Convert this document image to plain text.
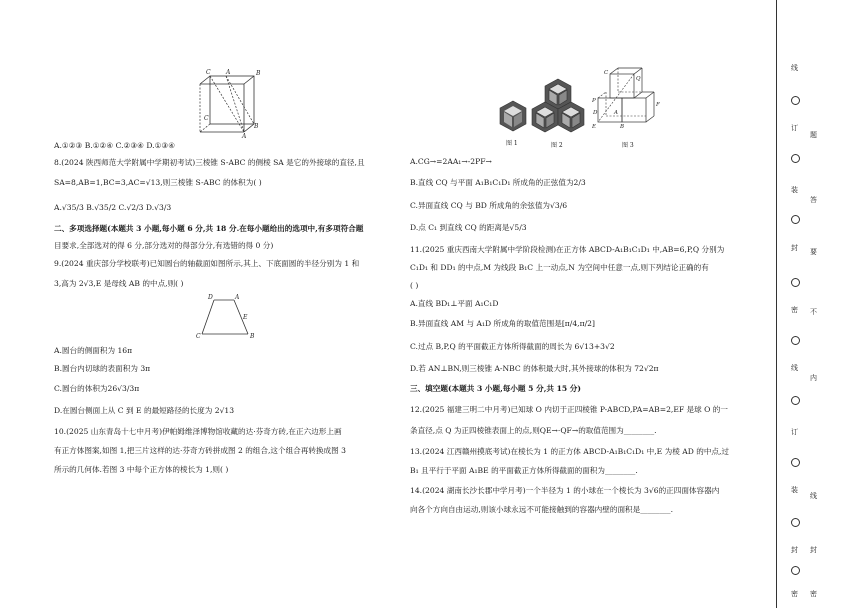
C	A	B
C
B
A
A.①②③ B.①②④ C.②③④ D.①③④
8.(2024 陕西师范大学附属中学期初考试)三棱锥 S-ABC 的侧棱 SA 是它的外接球的直径,且
SA=8,AB=1,BC=3,AC=√13,则三棱锥 S-ABC 的体积为( )
A.√35/3 B.√35/2 C.√2/3 D.√3/3
二、多项选择题(本题共 3 小题,每小题 6 分,共 18 分.在每小题给出的选项中,有多项符合题
目要求,全部选对的得 6 分,部分选对的得部分分,有选错的得 0 分)
9.(2024 重庆部分学校联考)已知圆台的轴截面如图所示,其上、下底面圆的半径分别为 1 和
3,高为 2√3,E 是母线 AB 的中点,则( )
D	A
C
E
B
A.圆台的侧面积为 16π
B.圆台内切球的表面积为 3π
C.圆台的体积为26√3/3π
D.在圆台侧面上从 C 到 E 的最短路径的长度为 2√13
10.(2025 山东青岛十七中月考)伊帕姆维泽博物馆收藏的达·芬奇方砖,在正六边形上画
有正方体图案,如图 1,把三片这样的达·芬奇方砖拼成图 2 的组合,这个组合再转换成图 3
所示的几何体.若图 3 中每个正方体的棱长为 1,则( )
图 1	图 2
C
Q
P
F
D	A
E	B
图 3
A.CG→=2AA₁→-2PF→
B.直线 CQ 与平面 A₁B₁C₁D₁ 所成角的正弦值为2/3
C.异面直线 CQ 与 BD 所成角的余弦值为√3/6
D.点 C₁ 到直线 CQ 的距离是√5/3
11.(2025 重庆西南大学附属中学阶段检测)在正方体 ABCD-A₁B₁C₁D₁ 中,AB=6,P,Q 分别为
C₁D₁ 和 DD₁ 的中点,M 为线段 B₁C 上一动点,N 为空间中任意一点,则下列结论正确的有
( )
A.直线 BD₁⊥平面 A₁C₁D
B.异面直线 AM 与 A₁D 所成角的取值范围是[π/4,π/2]
C.过点 B,P,Q 的平面截正方体所得截面的周长为 6√13+3√2
D.若 AN⊥BN,则三棱锥 A-NBC 的体积最大时,其外接球的体积为 72√2π
三、填空题(本题共 3 小题,每小题 5 分,共 15 分)
12.(2025 福建三明二中月考)已知球 O 内切于正四棱锥 P-ABCD,PA=AB=2,EF 是球 O 的一
条直径,点 Q 为正四棱锥表面上的点,则QE→·QF→的取值范围为________.
13.(2024 江西赣州摸底考试)在棱长为 1 的正方体 ABCD-A₁B₁C₁D₁ 中,E 为棱 AD 的中点,过
B₁ 且平行于平面 A₁BE 的平面截正方体所得截面的面积为________.
14.(2024 湖南长沙长郡中学月考)一个半径为 1 的小球在一个棱长为 3√6的正四面体容器内
向各个方向自由运动,则该小球永远不可能接触到的容器内壁的面积是________.
线
订
题
装
答
封 要
密 不
线
内
订
装
线
封 封
密 密
